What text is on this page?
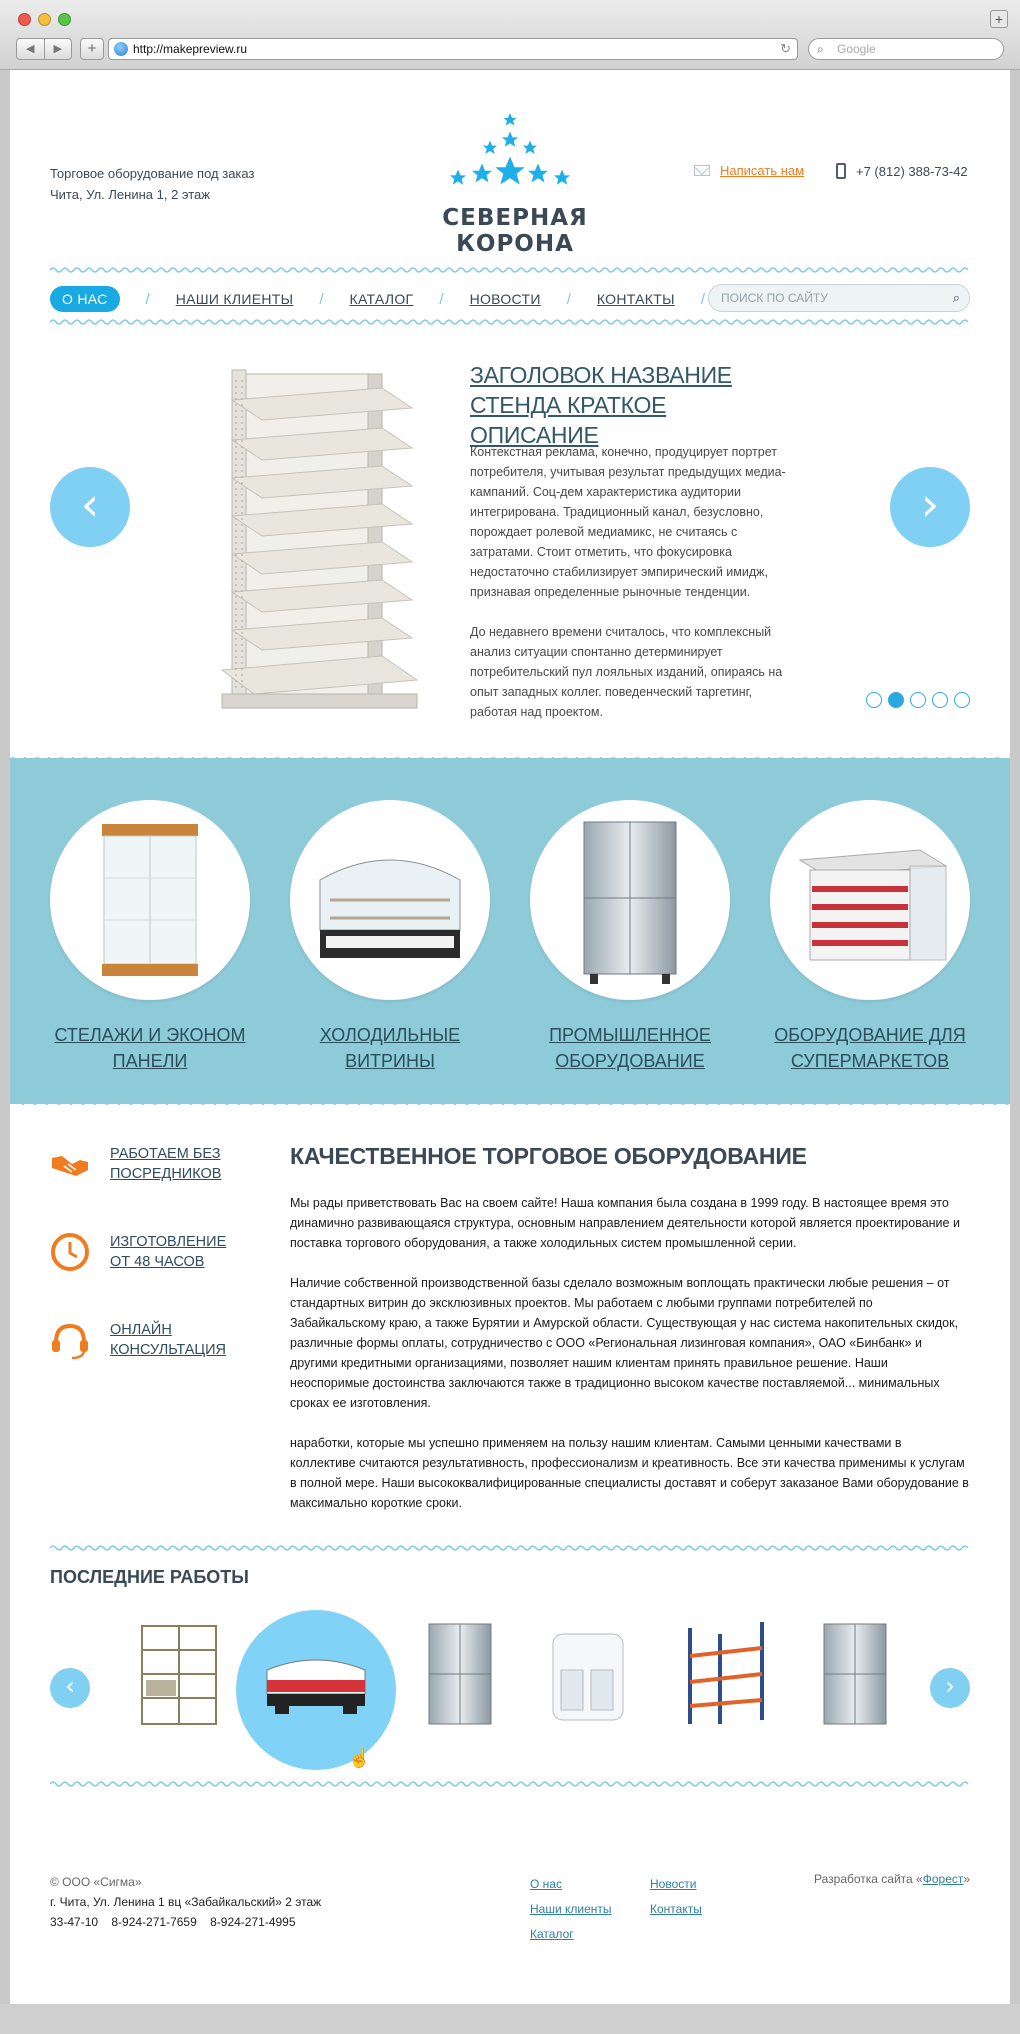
+
◀	▶	+	http://makepreview.ru	↻ ⌕ Google
Торговое оборудование под заказ
Чита, Ул. Ленина 1, 2 этаж
СЕВЕРНАЯ КОРОНА
Написать нам	+7 (812) 388-73-42
О НАС	/ НАШИ КЛИЕНТЫ / КАТАЛОГ / НОВОСТИ / КОНТАКТЫ /	ПОИСК ПО САЙТУ	⌕
‹	›
ЗАГОЛОВОК НАЗВАНИЕ СТЕНДА КРАТКОЕ ОПИСАНИЕ

Контекстная реклама, конечно, продуцирует портрет потребителя, учитывая результат предыдущих медиа-кампаний. Соц-дем характеристика аудитории интегрирована. Традиционный канал, безусловно, порождает ролевой медиамикс, не считаясь с затратами. Стоит отметить, что фокусировка недостаточно стабилизирует эмпирический имидж, признавая определенные рыночные тенденции.

До недавнего времени считалось, что комплексный анализ ситуации спонтанно детерминирует потребительский пул лояльных изданий, опираясь на опыт западных коллег. поведенческий таргетинг, работая над проектом.

СТЕЛАЖИ И ЭКОНОМ
ПАНЕЛИ
ХОЛОДИЛЬНЫЕ
ВИТРИНЫ
ПРОМЫШЛЕННОЕ
ОБОРУДОВАНИЕ
ОБОРУДОВАНИЕ ДЛЯ
СУПЕРМАРКЕТОВ
РАБОТАЕМ БЕЗ
ПОСРЕДНИКОВ
ИЗГОТОВЛЕНИЕ
ОТ 48 ЧАСОВ
ОНЛАЙН
КОНСУЛЬТАЦИЯ
КАЧЕСТВЕННОЕ ТОРГОВОЕ ОБОРУДОВАНИЕ

Мы рады приветствовать Вас на своем сайте! Наша компания была создана в 1999 году. В настоящее время это динамично развивающаяся структура, основным направлением деятельности которой является проектирование и поставка торгового оборудования, а также холодильных систем промышленной серии.

Наличие собственной производственной базы сделало возможным воплощать практически любые решения – от стандартных витрин до эксклюзивных проектов. Мы работаем с любыми группами потребителей по Забайкальскому краю, а также Бурятии и Амурской области. Существующая у нас система накопительных скидок, различные формы оплаты, сотрудничество с ООО «Региональная лизинговая компания», ОАО «Бинбанк» и другими кредитными организациями, позволяет нашим клиентам принять правильное решение. Наши неоспоримые достоинства заключаются также в традиционно высоком качестве поставляемой... минимальных сроках ее изготовления.

наработки, которые мы успешно применяем на пользу нашим клиентам. Самыми ценными качествами в коллективе считаются результативность, профессионализм и креативность. Все эти качества применимы к услугам в полной мере. Наши высококвалифицированные специалисты доставят и соберут заказаное Вами оборудование в максимально короткие сроки.

ПОСЛЕДНИЕ РАБОТЫ
‹	›
☝
© ООО «Сигма»
г. Чита, Ул. Ленина 1 вц «Забайкальский» 2 этаж
33-47-10    8-924-271-7659    8-924-271-4995
О нас
Наши клиенты
Каталог
Новости
Контакты
Разработка сайта «Форест»
